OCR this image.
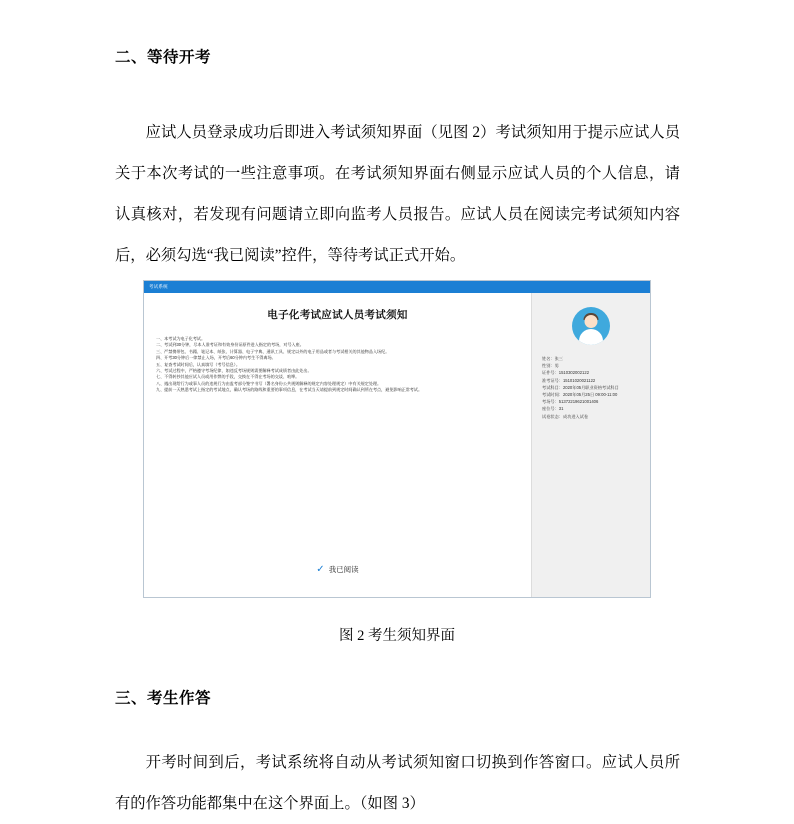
二、等待开考

应试人员登录成功后即进入考试须知界面（见图 2）考试须知用于提示应试人员关于本次考试的一些注意事项。在考试须知界面右侧显示应试人员的个人信息，请认真核对，若发现有问题请立即向监考人员报告。应试人员在阅读完考试须知内容后，必须勾选“我已阅读”控件，等待考试正式开始。

考试系统
电子化考试应试人员考试须知
一、本考试为电子化考试。
二、考试到30分钟，尽本人准考证和有效身份证原件进入指定的考场，对号入座。
三、严禁携带包、书籍、笔记本、纸张、计算器、电子字典、通讯工具、规定以外的电子用品或者与考试相关的其他物品入场纪。
四、开考30分钟后一律禁止入场，开考后60分钟内考生不得离场。
五、复查考试时间后，认真填写（考号信息）。
六、考试过程中，严格遵守考场纪律，如违反考场规则需要解释考试成绩者由此处出。
七、不得转抄其他应试人员或用作弊的手段，交换在不得在考场的交谈、喧哗。
八、遇出现给行为或事人员的违规行为由监考部分签字书写（署名身份公共规则解释的规定内容处理规定）中有关规定处理。
九、提前一天熟悉考试上指定的考试地点，确认考场的路线和重要的事项信息，在考试当天请提前到规定时间确认到所在考点，避免影响正常考试。
✓ 我已阅读
姓名：张三
性别：男
证件号：1510302002122
准考证号：15101020021122
考试科目：2020年05月职业资格考试科目
考试时间：2020年05月25日 09:00-11:00
考场号：51372219621001406
座位号：31
试卷状态：成功进入试卷
图 2 考生须知界面
三、考生作答

开考时间到后，考试系统将自动从考试须知窗口切换到作答窗口。应试人员所有的作答功能都集中在这个界面上。（如图 3）
